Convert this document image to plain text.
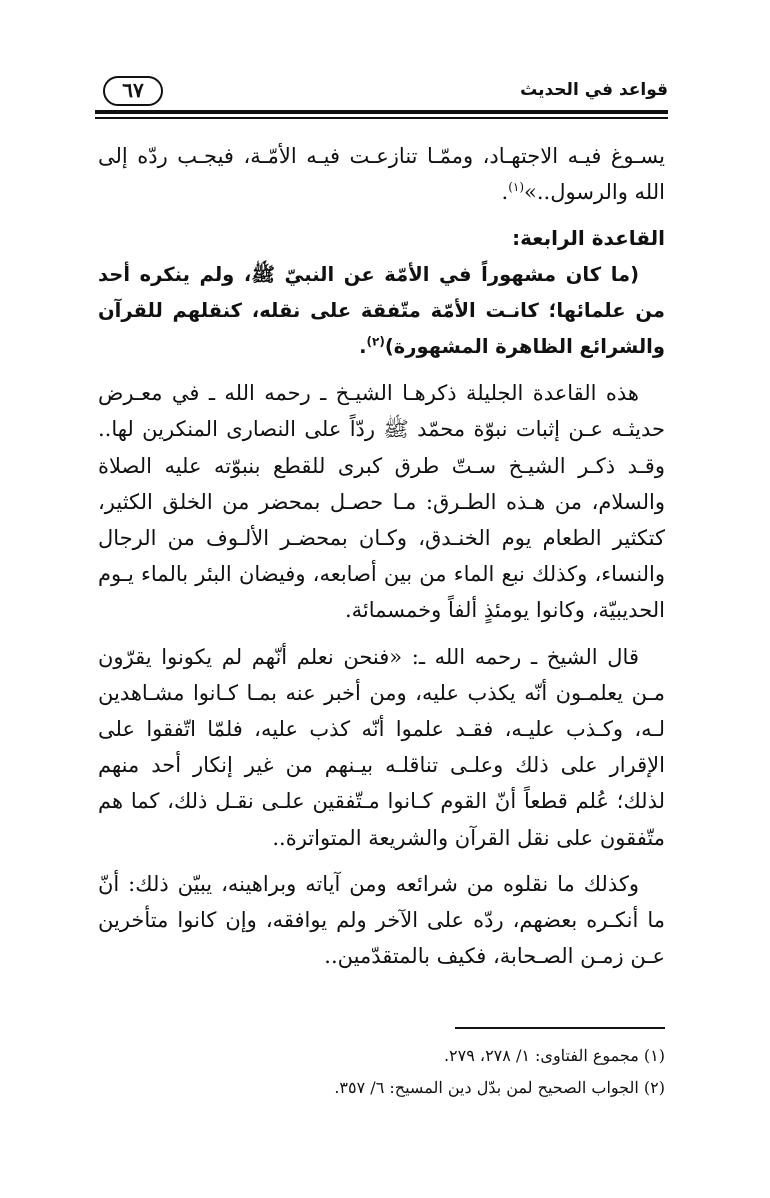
قواعد في الحديث
٦٧

يسـوغ فيـه الاجتهـاد، وممّـا تنازعـت فيـه الأمّـة، فيجـب ردّه إلى الله والرسول..»$^{(١)}$.

القاعدة الرابعة:

(ما كان مشهوراً في الأمّة عن النبيّ ﷺ، ولم ينكره أحد من علمائها؛ كانـت الأمّة متّفقة على نقله، كنقلهم للقرآن والشرائع الظاهرة المشهورة)$^{(٢)}$.

هذه القاعدة الجليلة ذكرهـا الشيـخ ـ رحمه الله ـ في معـرض حديثـه عـن إثبات نبوّة محمّد ﷺ ردّاً على النصارى المنكرين لها.. وقـد ذكـر الشيـخ سـتّ طرق كبرى للقطع بنبوّته عليه الصلاة والسلام، من هـذه الطـرق: مـا حصـل بمحضر من الخلق الكثير، كتكثير الطعام يوم الخنـدق، وكـان بمحضـر الألـوف من الرجال والنساء، وكذلك نبع الماء من بين أصابعه، وفيضان البئر بالماء يـوم الحديبيّة، وكانوا يومئذٍ ألفاً وخمسمائة.

قال الشيخ ـ رحمه الله ـ: «فنحن نعلم أنّهم لم يكونوا يقرّون مـن يعلمـون أنّه يكذب عليه، ومن أخبر عنه بمـا كـانوا مشـاهدين لـه، وكـذب عليـه، فقـد علموا أنّه كذب عليه، فلمّا اتّفقوا على الإقرار على ذلك وعلـى تناقلـه بيـنهم من غير إنكار أحد منهم لذلك؛ عُلم قطعاً أنّ القوم كـانوا مـتّفقين علـى نقـل ذلك، كما هم متّفقون على نقل القرآن والشريعة المتواترة..

وكذلك ما نقلوه من شرائعه ومن آياته وبراهينه، يبيّن ذلك: أنّ ما أنكـره بعضهم، ردّه على الآخر ولم يوافقه، وإن كانوا متأخرين عـن زمـن الصـحابة، فكيف بالمتقدّمين..

(١) مجموع الفتاوى: ١/ ٢٧٨، ٢٧٩.

(٢) الجواب الصحيح لمن بدّل دين المسيح: ٦/ ٣٥٧.
